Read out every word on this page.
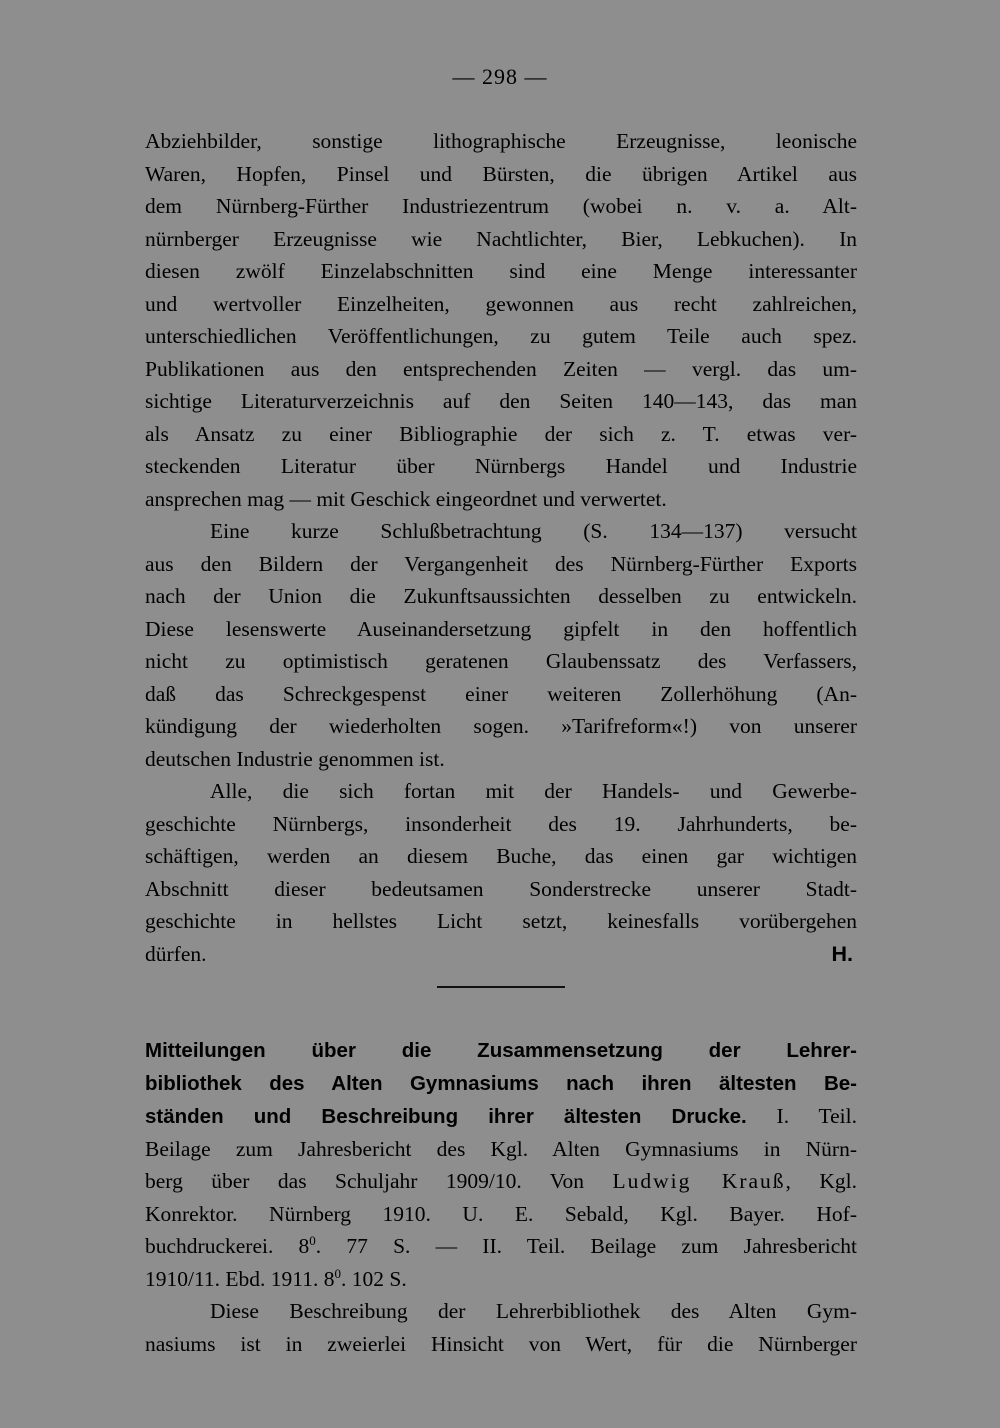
— 298 —
Abziehbilder, sonstige lithographische Erzeugnisse, leonische
Waren, Hopfen, Pinsel und Bürsten, die übrigen Artikel aus
dem Nürnberg-Fürther Industriezentrum (wobei n. v. a. Alt-
nürnberger Erzeugnisse wie Nachtlichter, Bier, Lebkuchen). In
diesen zwölf Einzelabschnitten sind eine Menge interessanter
und wertvoller Einzelheiten, gewonnen aus recht zahlreichen,
unterschiedlichen Veröffentlichungen, zu gutem Teile auch spez.
Publikationen aus den entsprechenden Zeiten — vergl. das um-
sichtige Literaturverzeichnis auf den Seiten 140—143, das man
als Ansatz zu einer Bibliographie der sich z. T. etwas ver-
steckenden Literatur über Nürnbergs Handel und Industrie
ansprechen mag — mit Geschick eingeordnet und verwertet.
Eine kurze Schlußbetrachtung (S. 134—137) versucht
aus den Bildern der Vergangenheit des Nürnberg-Fürther Exports
nach der Union die Zukunftsaussichten desselben zu entwickeln.
Diese lesenswerte Auseinandersetzung gipfelt in den hoffentlich
nicht zu optimistisch geratenen Glaubenssatz des Verfassers,
daß das Schreckgespenst einer weiteren Zollerhöhung (An-
kündigung der wiederholten sogen. »Tarifreform«!) von unserer
deutschen Industrie genommen ist.
Alle, die sich fortan mit der Handels- und Gewerbe-
geschichte Nürnbergs, insonderheit des 19. Jahrhunderts, be-
schäftigen, werden an diesem Buche, das einen gar wichtigen
Abschnitt dieser bedeutsamen Sonderstrecke unserer Stadt-
geschichte in hellstes Licht setzt, keinesfalls vorübergehen
dürfen.	H.
Mitteilungen über die Zusammensetzung der Lehrer-
bibliothek des Alten Gymnasiums nach ihren ältesten Be-
ständen und Beschreibung ihrer ältesten Drucke. I. Teil.
Beilage zum Jahresbericht des Kgl. Alten Gymnasiums in Nürn-
berg über das Schuljahr 1909/10. Von Ludwig Krauß, Kgl.
Konrektor. Nürnberg 1910. U. E. Sebald, Kgl. Bayer. Hof-
buchdruckerei. $8^0$. 77 S. — II. Teil. Beilage zum Jahresbericht
1910/11. Ebd. 1911. $8^0$. 102 S.
Diese Beschreibung der Lehrerbibliothek des Alten Gym-
nasiums ist in zweierlei Hinsicht von Wert, für die Nürnberger
